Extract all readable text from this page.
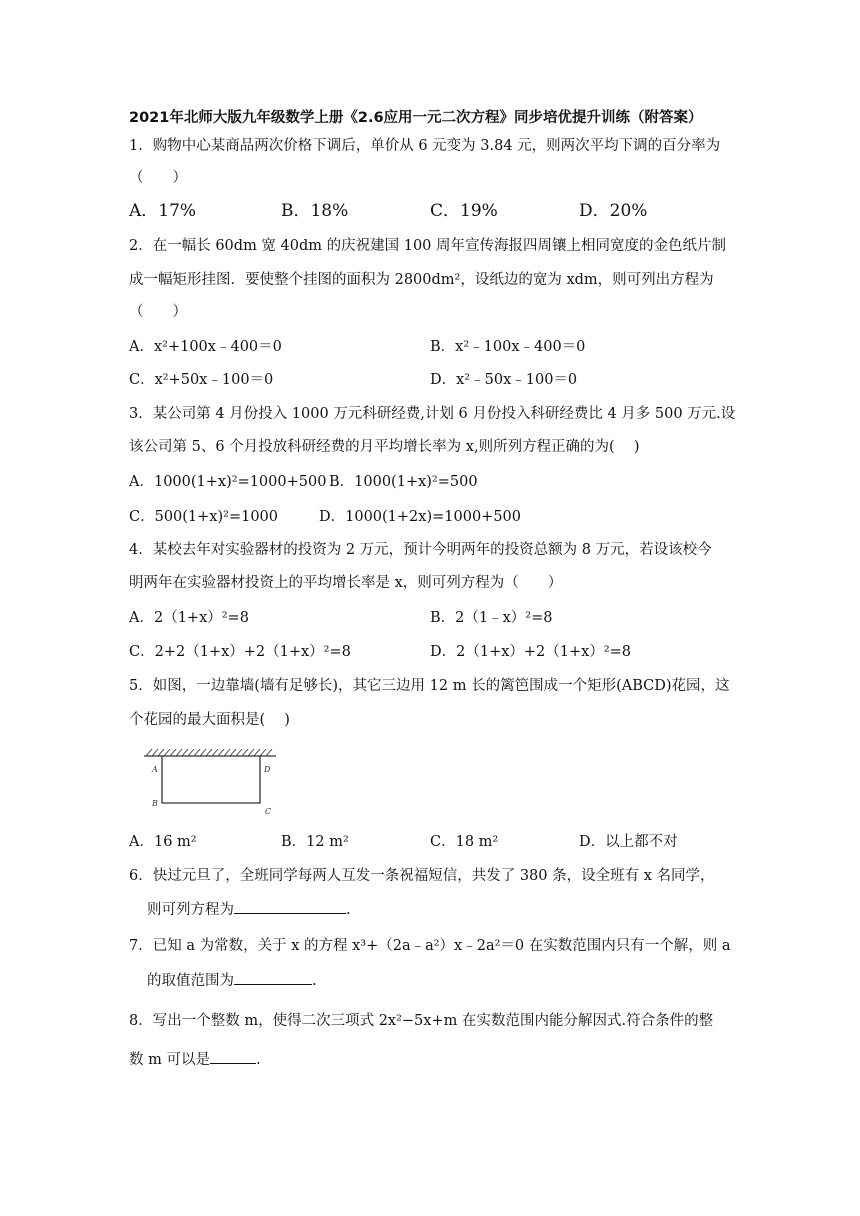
2021年北师大版九年级数学上册《2.6应用一元二次方程》同步培优提升训练（附答案）
1．购物中心某商品两次价格下调后，单价从 6 元变为 3.84 元，则两次平均下调的百分率为
（　　）
A．17%	B．18%	C．19%	D．20%
2．在一幅长 60dm 宽 40dm 的庆祝建国 100 周年宣传海报四周镶上相同宽度的金色纸片制
成一幅矩形挂图．要使整个挂图的面积为 2800dm²，设纸边的宽为 xdm，则可列出方程为
（　　）
A．x²+100x﹣400＝0	B．x²﹣100x﹣400＝0
C．x²+50x﹣100＝0	D．x²﹣50x﹣100＝0
3．某公司第 4 月份投入 1000 万元科研经费,计划 6 月份投入科研经费比 4 月多 500 万元.设
该公司第 5、6 个月投放科研经费的月平均增长率为 x,则所列方程正确的为(　 )
A．1000(1+x)²=1000+500 B．1000(1+x)²=500
C．500(1+x)²=1000	D．1000(1+2x)=1000+500
4．某校去年对实验器材的投资为 2 万元，预计今明两年的投资总额为 8 万元，若设该校今
明两年在实验器材投资上的平均增长率是 x，则可列方程为（　　）
A．2（1+x）²=8	B．2（1﹣x）²=8
C．2+2（1+x）+2（1+x）²=8	D．2（1+x）+2（1+x）²=8
5．如图，一边靠墙(墙有足够长)，其它三边用 12 m 长的篱笆围成一个矩形(ABCD)花园，这
个花园的最大面积是(　 )
A
B
C
D
A．16 m²	B．12 m²	C．18 m²	D．以上都不对
6．快过元旦了，全班同学每两人互发一条祝福短信，共发了 380 条，设全班有 x 名同学，
则可列方程为	.
7．已知 a 为常数，关于 x 的方程 x³+（2a﹣a²）x﹣2a²＝0 在实数范围内只有一个解，则 a
的取值范围为	.
8．写出一个整数 m，使得二次三项式 2x²−5x+m 在实数范围内能分解因式.符合条件的整
数 m 可以是	.
